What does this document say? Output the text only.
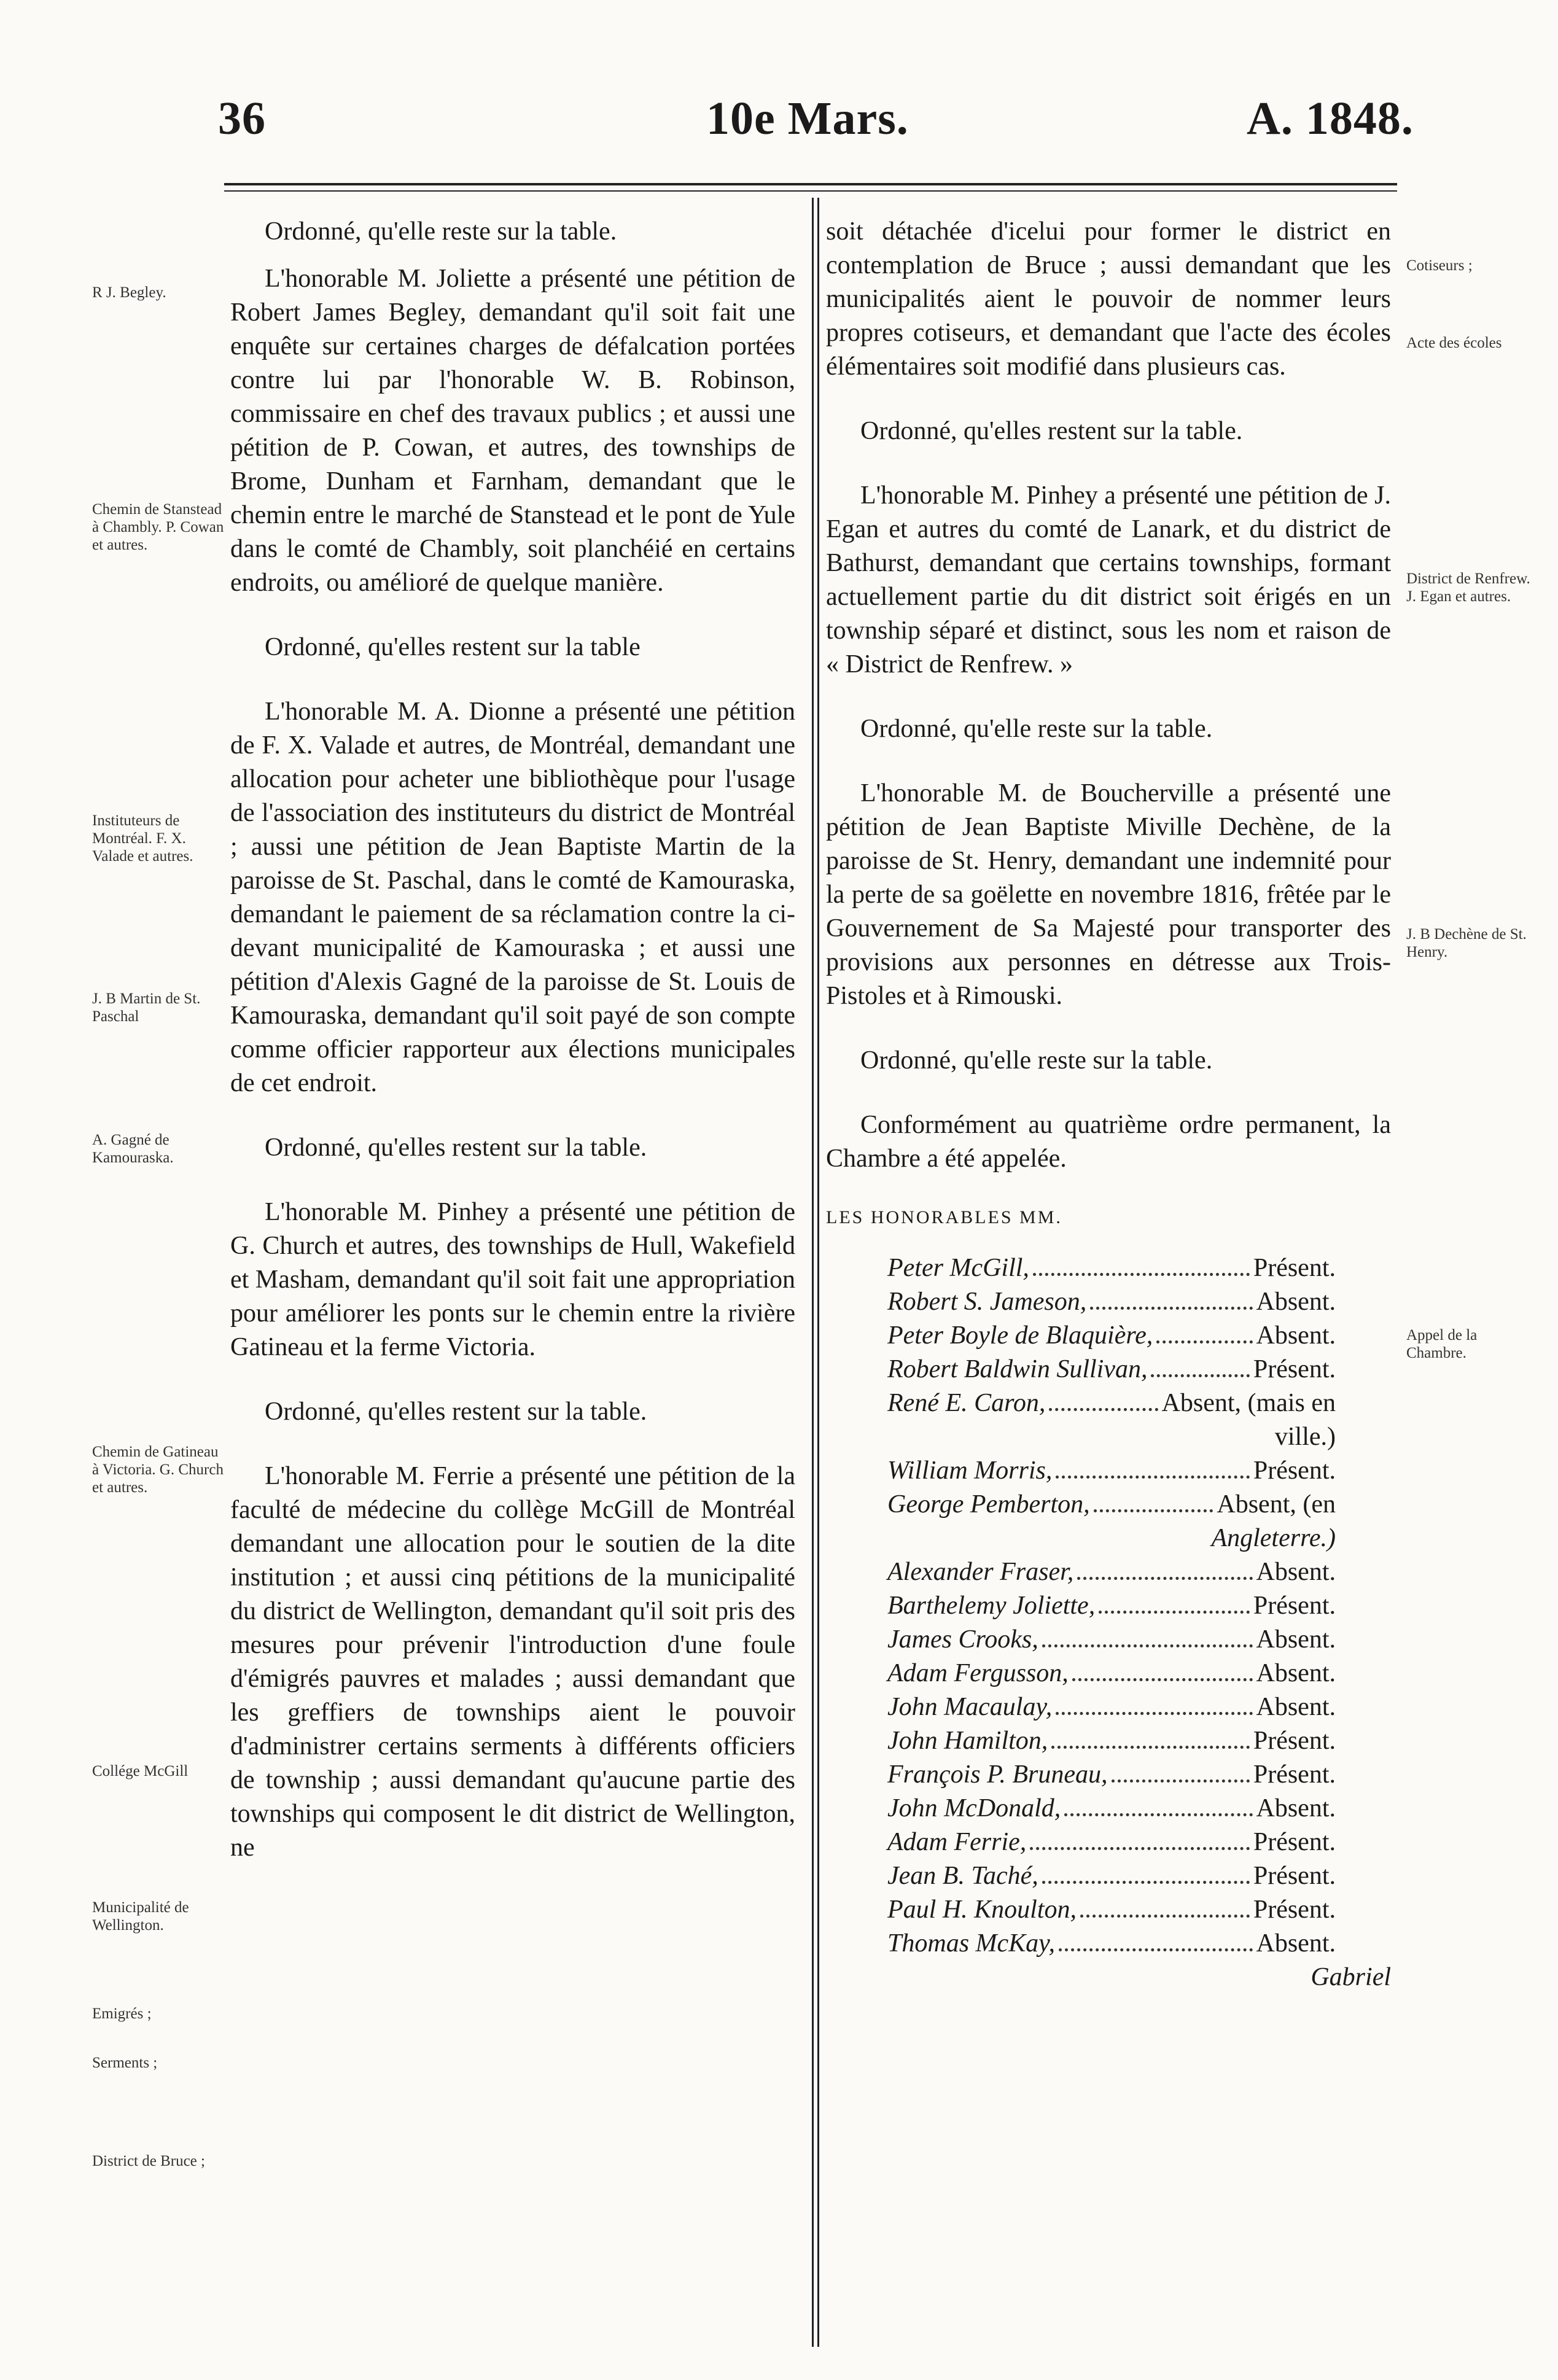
36	10e Mars.	A. 1848.
R J. Begley.
Chemin de Stanstead à Chambly. P. Cowan et autres.
Instituteurs de Montréal. F. X. Valade et autres.
J. B Martin de St. Paschal
A. Gagné de Kamouraska.
Chemin de Gatineau à Victoria. G. Church et autres.
Collége McGill
Municipalité de Wellington.
Emigrés ;
Serments ;
District de Bruce ;
Cotiseurs ;
Acte des écoles
District de Renfrew. J. Egan et autres.
J. B Dechène de St. Henry.
Appel de la Chambre.

Ordonné, qu'elle reste sur la table.

L'honorable M. Joliette a présenté une pétition de Robert James Begley, demandant qu'il soit fait une enquête sur certaines charges de défalcation portées contre lui par l'honorable W. B. Robinson, commissaire en chef des travaux publics ; et aussi une pétition de P. Cowan, et autres, des townships de Brome, Dunham et Farnham, demandant que le chemin entre le marché de Stanstead et le pont de Yule dans le comté de Chambly, soit planchéié en certains endroits, ou amélioré de quelque manière.

Ordonné, qu'elles restent sur la table

L'honorable M. A. Dionne a présenté une pétition de F. X. Valade et autres, de Montréal, demandant une allocation pour acheter une bibliothèque pour l'usage de l'association des instituteurs du district de Montréal ; aussi une pétition de Jean Baptiste Martin de la paroisse de St. Paschal, dans le comté de Kamouraska, demandant le paiement de sa réclamation contre la ci-devant municipalité de Kamouraska ; et aussi une pétition d'Alexis Gagné de la paroisse de St. Louis de Kamouraska, demandant qu'il soit payé de son compte comme officier rapporteur aux élections municipales de cet endroit.

Ordonné, qu'elles restent sur la table.

L'honorable M. Pinhey a présenté une pétition de G. Church et autres, des townships de Hull, Wakefield et Masham, demandant qu'il soit fait une appropriation pour améliorer les ponts sur le chemin entre la rivière Gatineau et la ferme Victoria.

Ordonné, qu'elles restent sur la table.

L'honorable M. Ferrie a présenté une pétition de la faculté de médecine du collège McGill de Montréal demandant une allocation pour le soutien de la dite institution ; et aussi cinq pétitions de la municipalité du district de Wellington, demandant qu'il soit pris des mesures pour prévenir l'introduction d'une foule d'émigrés pauvres et malades ; aussi demandant que les greffiers de townships aient le pouvoir d'administrer certains serments à différents officiers de township ; aussi demandant qu'aucune partie des townships qui composent le dit district de Wellington, ne

soit détachée d'icelui pour former le district en contemplation de Bruce ; aussi demandant que les municipalités aient le pouvoir de nommer leurs propres cotiseurs, et demandant que l'acte des écoles élémentaires soit modifié dans plusieurs cas.

Ordonné, qu'elles restent sur la table.

L'honorable M. Pinhey a présenté une pétition de J. Egan et autres du comté de Lanark, et du district de Bathurst, demandant que certains townships, formant actuellement partie du dit district soit érigés en un township séparé et distinct, sous les nom et raison de « District de Renfrew. »

Ordonné, qu'elle reste sur la table.

L'honorable M. de Boucherville a présenté une pétition de Jean Baptiste Miville Dechène, de la paroisse de St. Henry, demandant une indemnité pour la perte de sa goëlette en novembre 1816, frêtée par le Gouvernement de Sa Majesté pour transporter des provisions aux personnes en détresse aux Trois-Pistoles et à Rimouski.

Ordonné, qu'elle reste sur la table.

Conformément au quatrième ordre permanent, la Chambre a été appelée.

LES HONORABLES MM.

Peter McGill,	Présent.
Robert S. Jameson,	Absent.
Peter Boyle de Blaquière,	Absent.
Robert Baldwin Sullivan,	Présent.
René E. Caron,	Absent, (mais en
ville.)
William Morris,	Présent.
George Pemberton,	Absent, (en
Angleterre.)
Alexander Fraser,	Absent.
Barthelemy Joliette,	Présent.
James Crooks,	Absent.
Adam Fergusson,	Absent.
John Macaulay,	Absent.
John Hamilton,	Présent.
François P. Bruneau,	Présent.
John McDonald,	Absent.
Adam Ferrie,	Présent.
Jean B. Taché,	Présent.
Paul H. Knoulton,	Présent.
Thomas McKay,	Absent.

Gabriel
